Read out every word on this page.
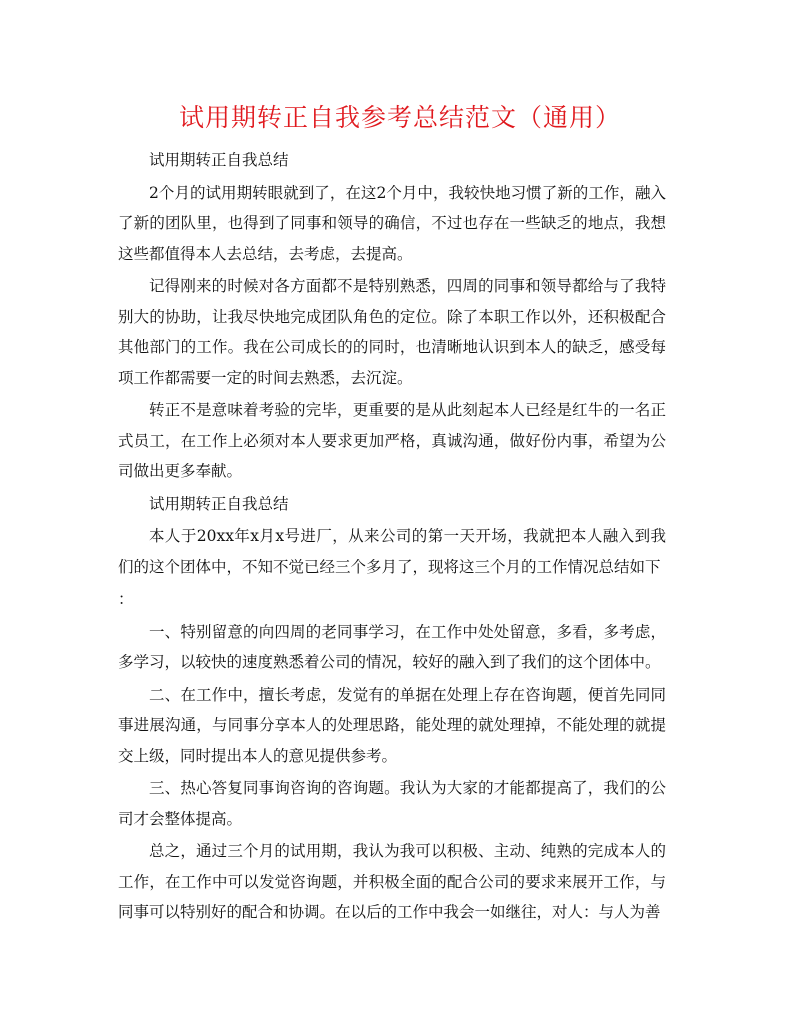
试用期转正自我参考总结范文（通用）

试用期转正自我总结

2个月的试用期转眼就到了，在这2个月中，我较快地习惯了新的工作，融入了新的团队里，也得到了同事和领导的确信，不过也存在一些缺乏的地点，我想这些都值得本人去总结，去考虑，去提高。

记得刚来的时候对各方面都不是特别熟悉，四周的同事和领导都给与了我特别大的协助，让我尽快地完成团队角色的定位。除了本职工作以外，还积极配合其他部门的工作。我在公司成长的的同时，也清晰地认识到本人的缺乏，感受每项工作都需要一定的时间去熟悉，去沉淀。

转正不是意味着考验的完毕，更重要的是从此刻起本人已经是红牛的一名正式员工，在工作上必须对本人要求更加严格，真诚沟通，做好份内事，希望为公司做出更多奉献。

试用期转正自我总结

本人于20xx年x月x号进厂，从来公司的第一天开场，我就把本人融入到我们的这个团体中，不知不觉已经三个多月了，现将这三个月的工作情况总结如下

：

一、特别留意的向四周的老同事学习，在工作中处处留意，多看，多考虑，多学习，以较快的速度熟悉着公司的情况，较好的融入到了我们的这个团体中。

二、在工作中，擅长考虑，发觉有的单据在处理上存在咨询题，便首先同同事进展沟通，与同事分享本人的处理思路，能处理的就处理掉，不能处理的就提交上级，同时提出本人的意见提供参考。

三、热心答复同事询咨询的咨询题。我认为大家的才能都提高了，我们的公司才会整体提高。

总之，通过三个月的试用期，我认为我可以积极、主动、纯熟的完成本人的工作，在工作中可以发觉咨询题，并积极全面的配合公司的要求来展开工作，与同事可以特别好的配合和协调。在以后的工作中我会一如继往，对人：与人为善
